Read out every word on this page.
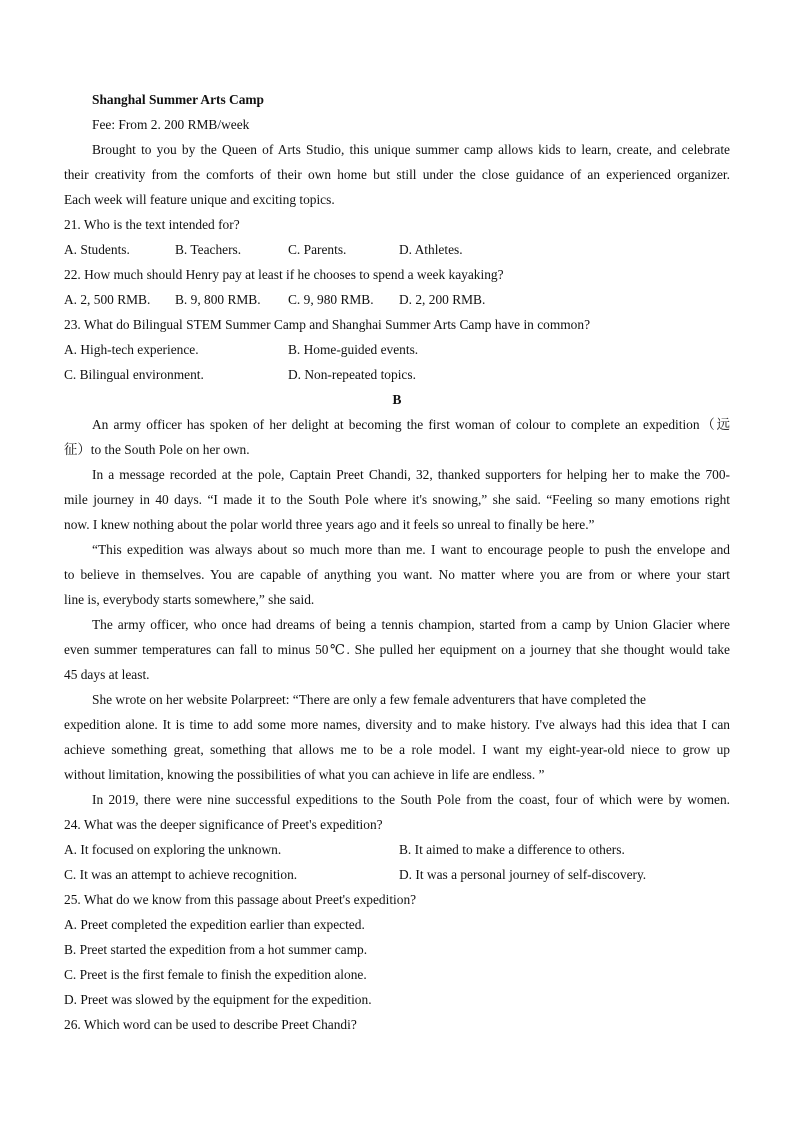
Shanghal Summer Arts Camp
Fee: From 2. 200 RMB/week
Brought to you by the Queen of Arts Studio, this unique summer camp allows kids to learn, create, and celebrate
their creativity from the comforts of their own home but still under the close guidance of an experienced organizer.
Each week will feature unique and exciting topics.
21. Who is the text intended for?
A. Students.	B. Teachers.	C. Parents.	D. Athletes.
22. How much should Henry pay at least if he chooses to spend a week kayaking?
A. 2, 500 RMB. B. 9, 800 RMB. C. 9, 980 RMB. D. 2, 200 RMB.
23. What do Bilingual STEM Summer Camp and Shanghai Summer Arts Camp have in common?
A. High-tech experience.	B. Home-guided events.
C. Bilingual environment.	D. Non-repeated topics.
B
An army officer has spoken of her delight at becoming the first woman of colour to complete an expedition（远
征）to the South Pole on her own.
In a message recorded at the pole, Captain Preet Chandi, 32, thanked supporters for helping her to make the 700-
mile journey in 40 days. “I made it to the South Pole where it's snowing,” she said. “Feeling so many emotions right
now. I knew nothing about the polar world three years ago and it feels so unreal to finally be here.”
“This expedition was always about so much more than me. I want to encourage people to push the envelope and
to believe in themselves. You are capable of anything you want. No matter where you are from or where your start
line is, everybody starts somewhere,” she said.
The army officer, who once had dreams of being a tennis champion, started from a camp by Union Glacier where
even summer temperatures can fall to minus 50℃. She pulled her equipment on a journey that she thought would take
45 days at least.
She wrote on her website Polarpreet: “There are only a few female adventurers that have completed the
expedition alone. It is time to add some more names, diversity and to make history. I've always had this idea that I can
achieve something great, something that allows me to be a role model. I want my eight-year-old niece to grow up
without limitation, knowing the possibilities of what you can achieve in life are endless. ”
In 2019, there were nine successful expeditions to the South Pole from the coast, four of which were by women.
24. What was the deeper significance of Preet's expedition?
A. It focused on exploring the unknown.	B. It aimed to make a difference to others.
C. It was an attempt to achieve recognition.	D. It was a personal journey of self-discovery.
25. What do we know from this passage about Preet's expedition?
A. Preet completed the expedition earlier than expected.
B. Preet started the expedition from a hot summer camp.
C. Preet is the first female to finish the expedition alone.
D. Preet was slowed by the equipment for the expedition.
26. Which word can be used to describe Preet Chandi?
